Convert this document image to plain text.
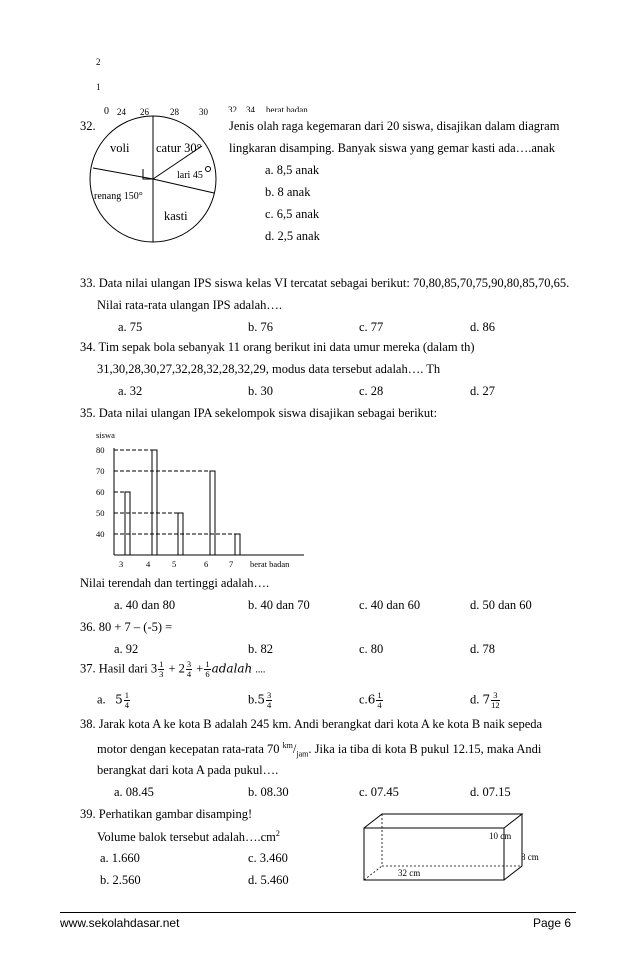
2
1
0 24 26 28 30 32 34 berat badan
32.
voli catur 30°
lari 45
renang 150°
kasti
Jenis olah raga kegemaran dari 20 siswa, disajikan dalam diagram
lingkaran disamping. Banyak siswa yang gemar kasti ada….anak
a. 8,5 anak
b. 8 anak
c. 6,5 anak
d. 2,5 anak
33. Data nilai ulangan IPS siswa kelas VI tercatat sebagai berikut: 70,80,85,70,75,90,80,85,70,65.
Nilai rata-rata ulangan IPS adalah….
a. 75	b. 76	c. 77	d. 86
34. Tim sepak bola sebanyak 11 orang berikut ini data umur mereka (dalam th)
31,30,28,30,27,32,28,32,28,32,29, modus data tersebut adalah…. Th
a. 32	b. 30	c. 28	d. 27
35. Data nilai ulangan IPA sekelompok siswa disajikan sebagai berikut:
siswa
80
70
60
50
40
3	4	5	6 7 berat badan
Nilai terendah dan tertinggi adalah….
a. 40 dan 80	b. 40 dan 70	c. 40 dan 60	d. 50 dan 60
36. 80 + 7 – (-5) =
a. 92	b. 82	c. 80	d. 78
37. Hasil dari $3 \frac{1}{3} + 2 \frac{3}{4} + \frac{1}{6}$ adalah ....
a. $5 \frac{1}{4}$	$b.5 \frac{3}{4}$	$c.6 \frac{1}{4}$	d. $7 \frac{3}{12}$
38. Jarak kota A ke kota B adalah 245 km. Andi berangkat dari kota A ke kota B naik sepeda
motor dengan kecepatan rata-rata 70 $^{km}/_{jam}$. Jika ia tiba di kota B pukul 12.15, maka Andi
berangkat dari kota A pada pukul….
a. 08.45	b. 08.30	c. 07.45	d. 07.15
39. Perhatikan gambar disamping!
Volume balok tersebut $adalah\dots.cm^2$
a. 1.660	c. 3.460
b. 2.560	d. 5.460
10 cm
8 cm
32 cm
www.sekolahdasar.net	Page 6
